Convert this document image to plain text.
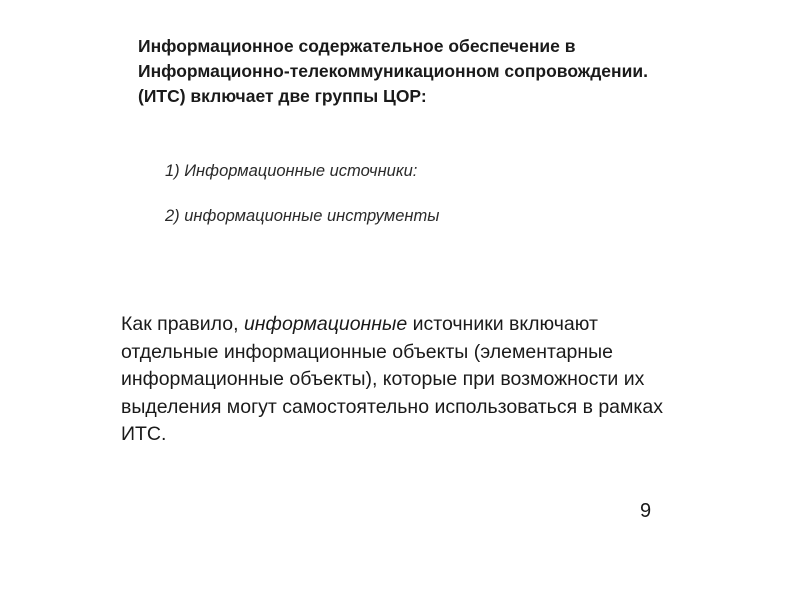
Информационное содержательное обеспечение в
Информационно-телекоммуникационном сопровождении.
(ИТС) включает две группы ЦОР:
1) Информационные источники:
2) информационные инструменты

Как правило, информационные источники включают
отдельные информационные объекты (элементарные
информационные объекты), которые при возможности их
выделения могут самостоятельно использоваться в рамках
ИТС.

9
